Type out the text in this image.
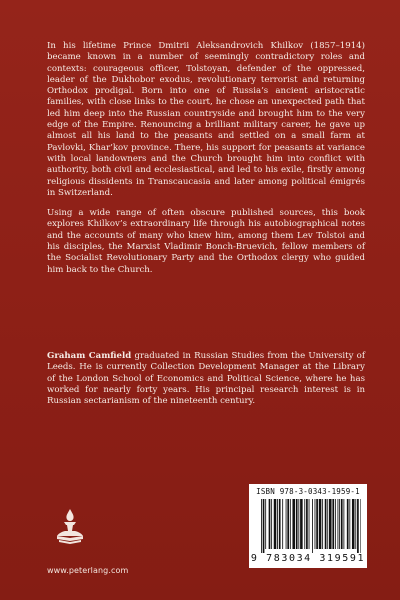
In his lifetime Prince Dmitrii Aleksandrovich Khilkov (1857–1914) became known in a number of seemingly contradictory roles and contexts: courageous officer, Tolstoyan, defender of the oppressed, leader of the Dukhobor exodus, revolutionary terrorist and returning Orthodox prodigal. Born into one of Russia’s ancient aristocratic families, with close links to the court, he chose an unexpected path that led him deep into the Russian countryside and brought him to the very edge of the Empire. Renouncing a brilliant military career, he gave up almost all his land to the peasants and settled on a small farm at Pavlovki, Khar’kov province. There, his support for peasants at variance with local landowners and the Church brought him into conflict with authority, both civil and ecclesiastical, and led to his exile, firstly among religious dissidents in Transcaucasia and later among political émigrés in Switzerland.

Using a wide range of often obscure published sources, this book explores Khilkov’s extraordinary life through his autobiographical notes and the accounts of many who knew him, among them Lev Tolstoi and his disciples, the Marxist Vladimir Bonch-Bruevich, fellow members of the Socialist Revolutionary Party and the Orthodox clergy who guided him back to the Church.

Graham Camfield graduated in Russian Studies from the University of Leeds. He is currently Collection Development Manager at the Library of the London School of Economics and Political Science, where he has worked for nearly forty years. His principal research interest is in Russian sectarianism of the nineteenth century.

www.peterlang.com
ISBN 978-3-0343-1959-1
9 783034 319591
